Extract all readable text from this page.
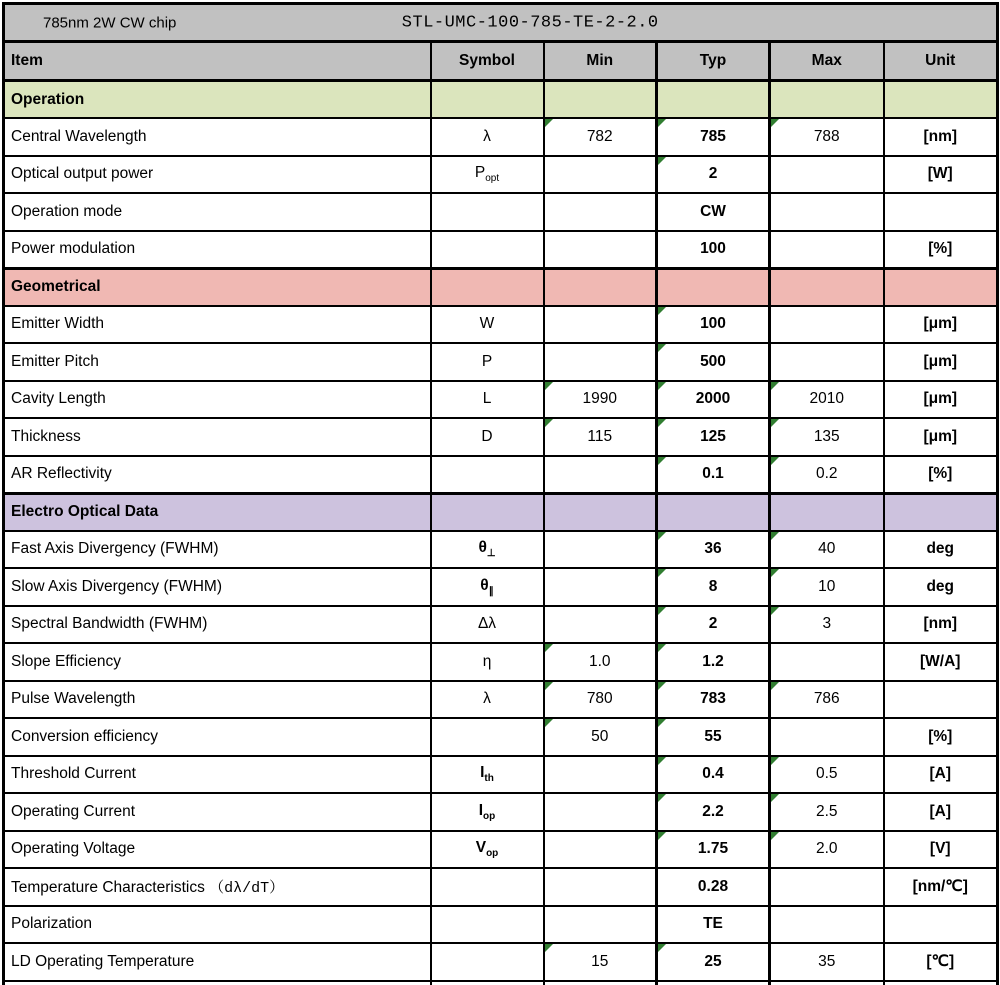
785nm 2W CW chip STL-UMC-100-785-TE-2-2.0					

Item	Symbol	Min	Typ	Max	Unit
Operation					
Central Wavelength	λ	782	785	788	[nm]
Optical output power	$P_{opt}$		2		[W]
Operation mode			CW		
Power modulation			100		[%]
Geometrical					
Emitter Width	W		100		[μm]
Emitter Pitch	P		500		[μm]
Cavity Length	L	1990	2000	2010	[μm]
Thickness	D	115	125	135	[μm]
AR Reflectivity			0.1	0.2	[%]
Electro Optical Data					
Fast Axis Divergency (FWHM)	$\theta_\perp$		36	40	deg
Slow Axis Divergency (FWHM)	$\theta_\parallel$		8	10	deg
Spectral Bandwidth (FWHM)	Δλ		2	3	[nm]
Slope Efficiency	η	1.0	1.2		[W/A]
Pulse Wavelength	λ	780	783	786	
Conversion efficiency		50	55		[%]
Threshold Current	$I_{th}$		0.4	0.5	[A]
Operating Current	$I_{op}$		2.2	2.5	[A]
Operating Voltage	$V_{op}$		1.75	2.0	[V]
Temperature Characteristics （dλ/dT）			0.28		[nm/℃]
Polarization			TE		
LD Operating Temperature		15	25	35	[℃]
